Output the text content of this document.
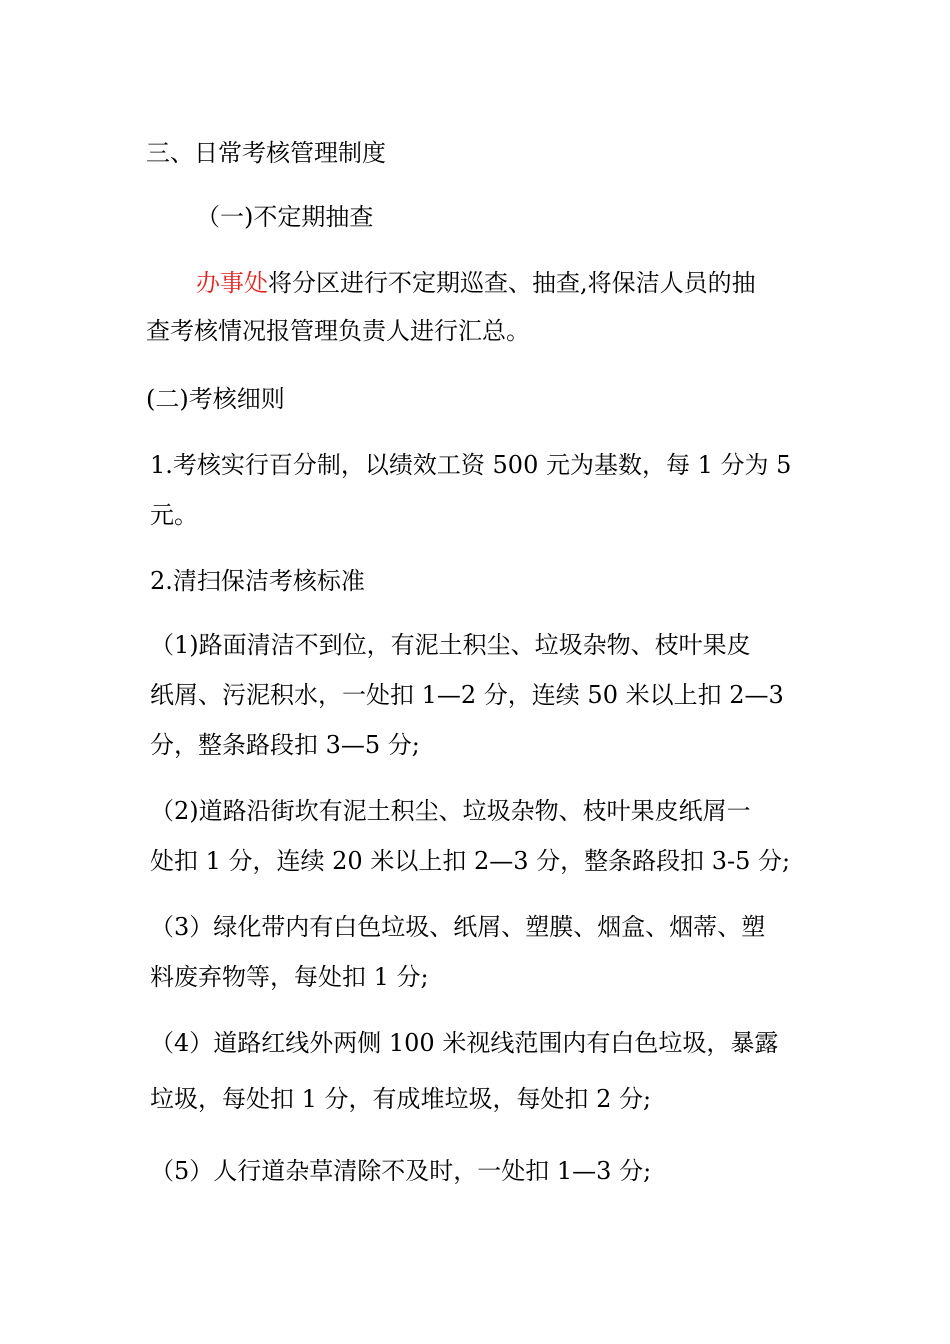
三、日常考核管理制度
（一)不定期抽查
办事处将分区进行不定期巡查、抽查,将保洁人员的抽
查考核情况报管理负责人进行汇总。
(二)考核细则
1.考核实行百分制，以绩效工资 500 元为基数，每 1 分为 5
元。
2.清扫保洁考核标准
（1)路面清洁不到位，有泥土积尘、垃圾杂物、枝叶果皮
纸屑、污泥积水，一处扣 1—2 分，连续 50 米以上扣 2—3
分，整条路段扣 3—5 分;
（2)道路沿街坎有泥土积尘、垃圾杂物、枝叶果皮纸屑一
处扣 1 分，连续 20 米以上扣 2—3 分，整条路段扣 3-5 分;
（3）绿化带内有白色垃圾、纸屑、塑膜、烟盒、烟蒂、塑
料废弃物等，每处扣 1 分;
（4）道路红线外两侧 100 米视线范围内有白色垃圾，暴露
垃圾，每处扣 1 分，有成堆垃圾，每处扣 2 分;
（5）人行道杂草清除不及时，一处扣 1—3 分;
